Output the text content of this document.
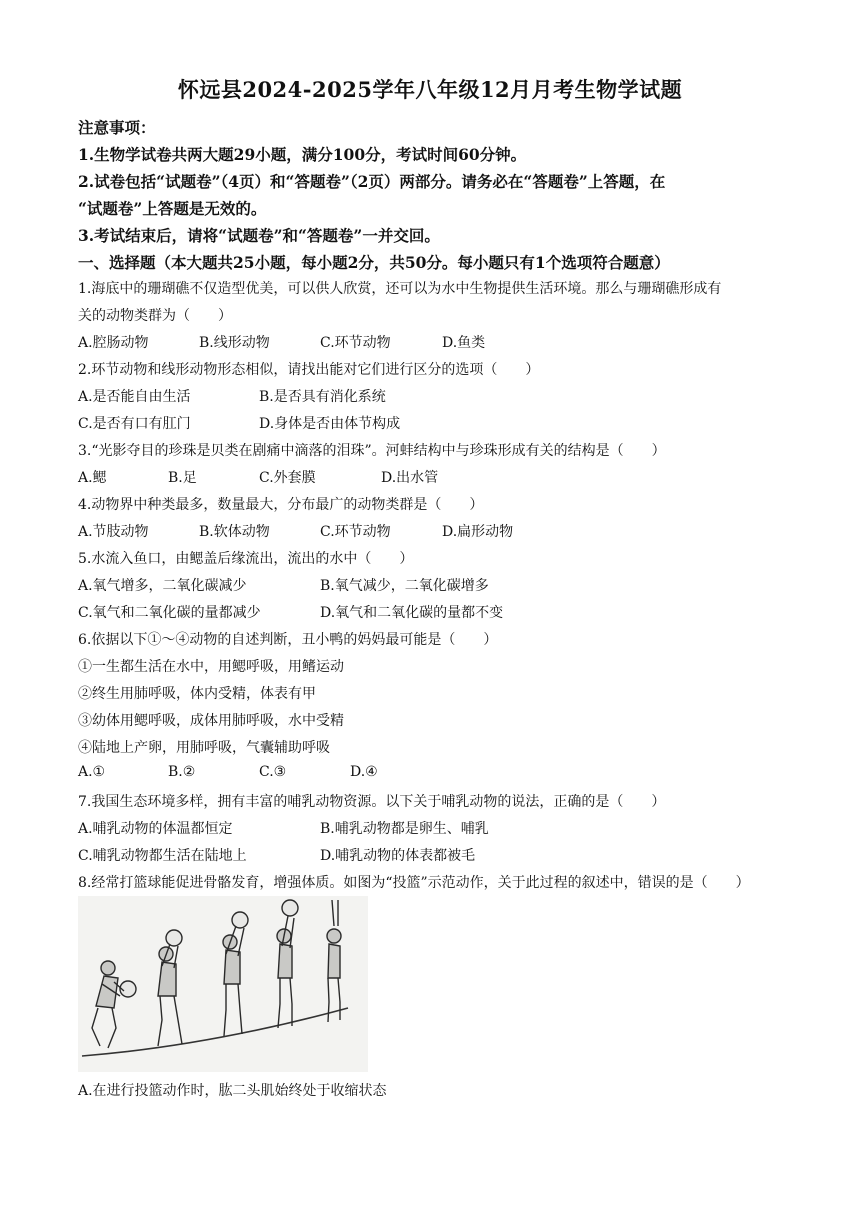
怀远县2024-2025学年八年级12月月考生物学试题
注意事项：
1.生物学试卷共两大题29小题，满分100分，考试时间60分钟。
2.试卷包括“试题卷”（4页）和“答题卷”（2页）两部分。请务必在“答题卷”上答题，在
“试题卷”上答题是无效的。
3.考试结束后，请将“试题卷”和“答题卷”一并交回。
一、选择题（本大题共25小题，每小题2分，共50分。每小题只有1个选项符合题意）
1.海底中的珊瑚礁不仅造型优美，可以供人欣赏，还可以为水中生物提供生活环境。那么与珊瑚礁形成有
关的动物类群为（　　）
A.腔肠动物	B.线形动物	C.环节动物	D.鱼类
2.环节动物和线形动物形态相似，请找出能对它们进行区分的选项（　　）
A.是否能自由生活	B.是否具有消化系统
C.是否有口有肛门	D.身体是否由体节构成
3.“光影夺目的珍珠是贝类在剧痛中滴落的泪珠”。河蚌结构中与珍珠形成有关的结构是（　　）
A.鳃	B.足	C.外套膜	D.出水管
4.动物界中种类最多，数量最大，分布最广的动物类群是（　　）
A.节肢动物	B.软体动物	C.环节动物	D.扁形动物
5.水流入鱼口，由鳃盖后缘流出，流出的水中（　　）
A.氧气增多，二氧化碳减少	B.氧气减少，二氧化碳增多
C.氧气和二氧化碳的量都减少	D.氧气和二氧化碳的量都不变
6.依据以下①～④动物的自述判断，丑小鸭的妈妈最可能是（　　）
①一生都生活在水中，用鳃呼吸，用鳍运动
②终生用肺呼吸，体内受精，体表有甲
③幼体用鳃呼吸，成体用肺呼吸，水中受精
④陆地上产卵，用肺呼吸，气囊辅助呼吸
A.①	B.②	C.③	D.④
7.我国生态环境多样，拥有丰富的哺乳动物资源。以下关于哺乳动物的说法，正确的是（　　）
A.哺乳动物的体温都恒定	B.哺乳动物都是卵生、哺乳
C.哺乳动物都生活在陆地上	D.哺乳动物的体表都被毛
8.经常打篮球能促进骨骼发育，增强体质。如图为“投篮”示范动作，关于此过程的叙述中，错误的是（　　）
A.在进行投篮动作时，肱二头肌始终处于收缩状态
